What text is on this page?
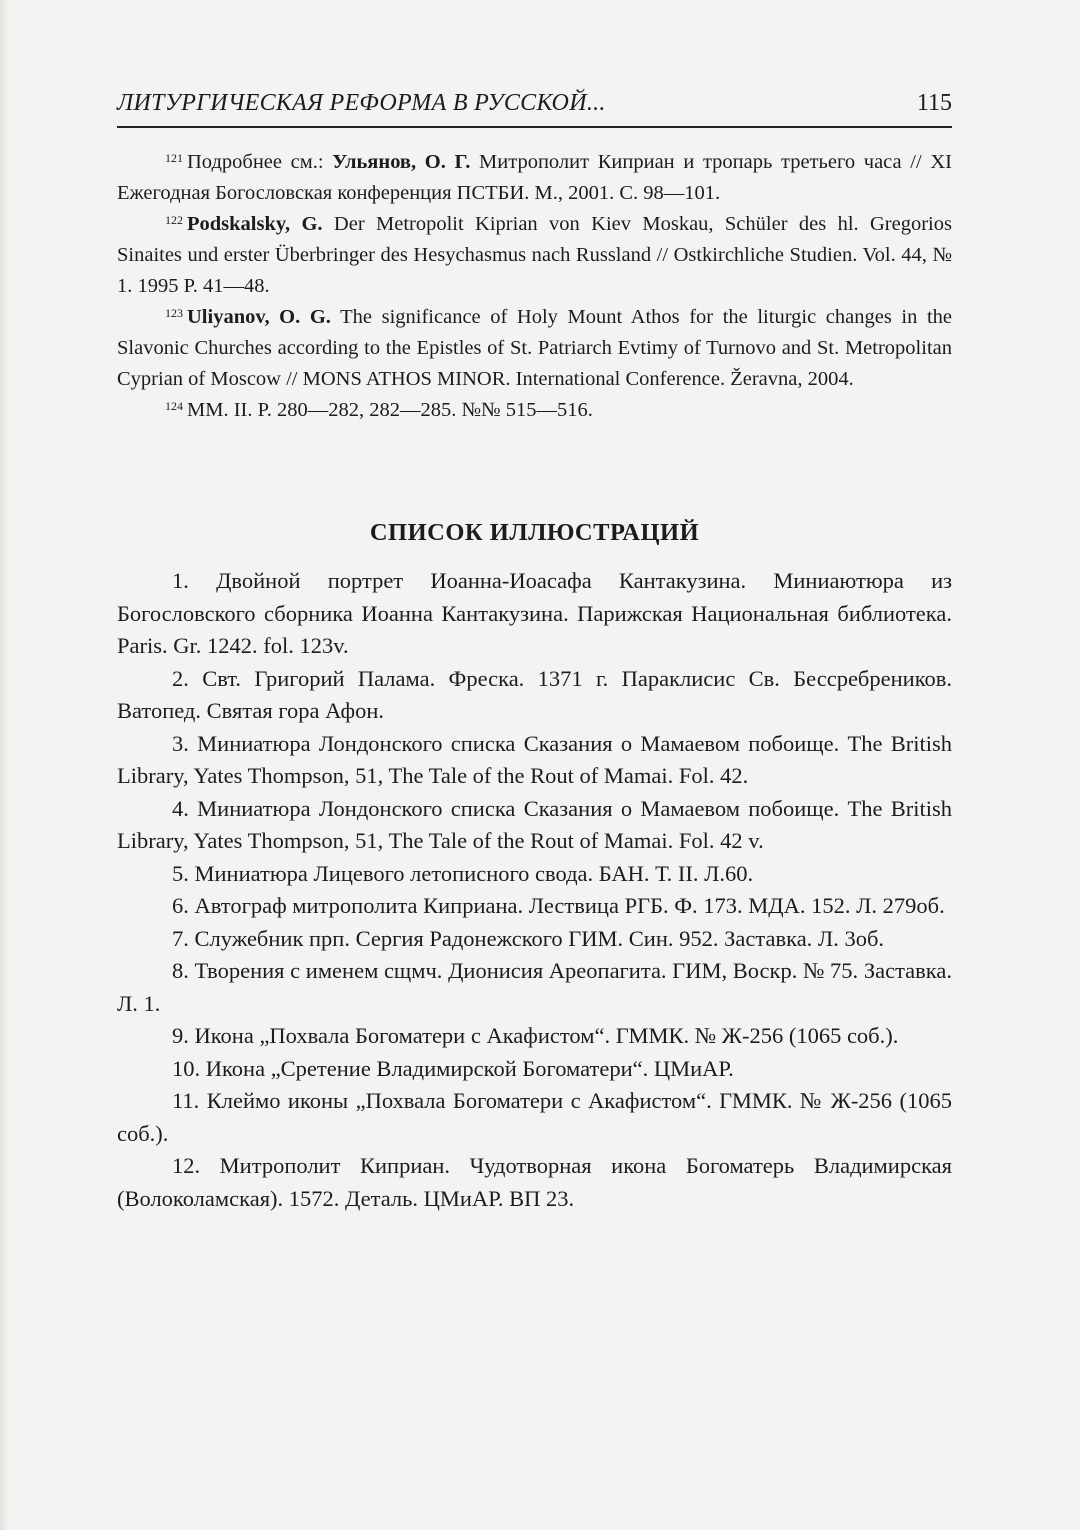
ЛИТУРГИЧЕСКАЯ РЕФОРМА В РУССКОЙ...	115

$^{121}$ Подробнее см.: Ульянов, О. Г. Митрополит Киприан и тропарь третьего часа // XI Ежегодная Богословская конференция ПСТБИ. М., 2001. С. 98—101.

$^{122}$ Podskalsky, G. Der Metropolit Kiprian von Kiev Moskau, Schüler des hl. Gregorios Sinaites und erster Überbringer des Hesychasmus nach Russland // Ostkirchliche Studien. Vol. 44, № 1. 1995 P. 41—48.

$^{123}$ Uliyanov, O. G. The significance of Holy Mount Athos for the liturgic changes in the Slavonic Churches according to the Epistles of St. Patriarch Evtimy of Turnovo and St. Metropolitan Cyprian of Moscow // MONS ATHOS MINOR. International Conference. Žeravna, 2004.

$^{124}$ MM. II. P. 280—282, 282—285. №№ 515—516.

СПИСОК ИЛЛЮСТРАЦИЙ
1. Двойной портрет Иоанна-Иоасафа Кантакузина. Миниаютюра из Богословского сборника Иоанна Кантакузина. Парижская Национальная библиотека. Paris. Gr. 1242. fol. 123v.
2. Свт. Григорий Палама. Фреска. 1371 г. Параклисис Св. Бессребреников. Ватопед. Святая гора Афон.
3. Миниатюра Лондонского списка Сказания о Мамаевом побоище. The British Library, Yates Thompson, 51, The Tale of the Rout of Mamai. Fol. 42.
4. Миниатюра Лондонского списка Сказания о Мамаевом побоище. The British Library, Yates Thompson, 51, The Tale of the Rout of Mamai. Fol. 42 v.
5. Миниатюра Лицевого летописного свода. БАН. Т. II. Л.60.
6. Автограф митрополита Киприана. Лествица РГБ. Ф. 173. МДА. 152. Л. 279об.
7. Служебник прп. Сергия Радонежского ГИМ. Син. 952. Заставка. Л. 3об.
8. Творения с именем сщмч. Дионисия Ареопагита. ГИМ, Воскр. № 75. Заставка. Л. 1.
9. Икона „Похвала Богоматери с Акафистом“. ГММК. № Ж-256 (1065 соб.).
10. Икона „Сретение Владимирской Богоматери“. ЦМиАР.
11. Клеймо иконы „Похвала Богоматери с Акафистом“. ГММК. № Ж-256 (1065 соб.).
12. Митрополит Киприан. Чудотворная икона Богоматерь Владимирская (Волоколамская). 1572. Деталь. ЦМиАР. ВП 23.
